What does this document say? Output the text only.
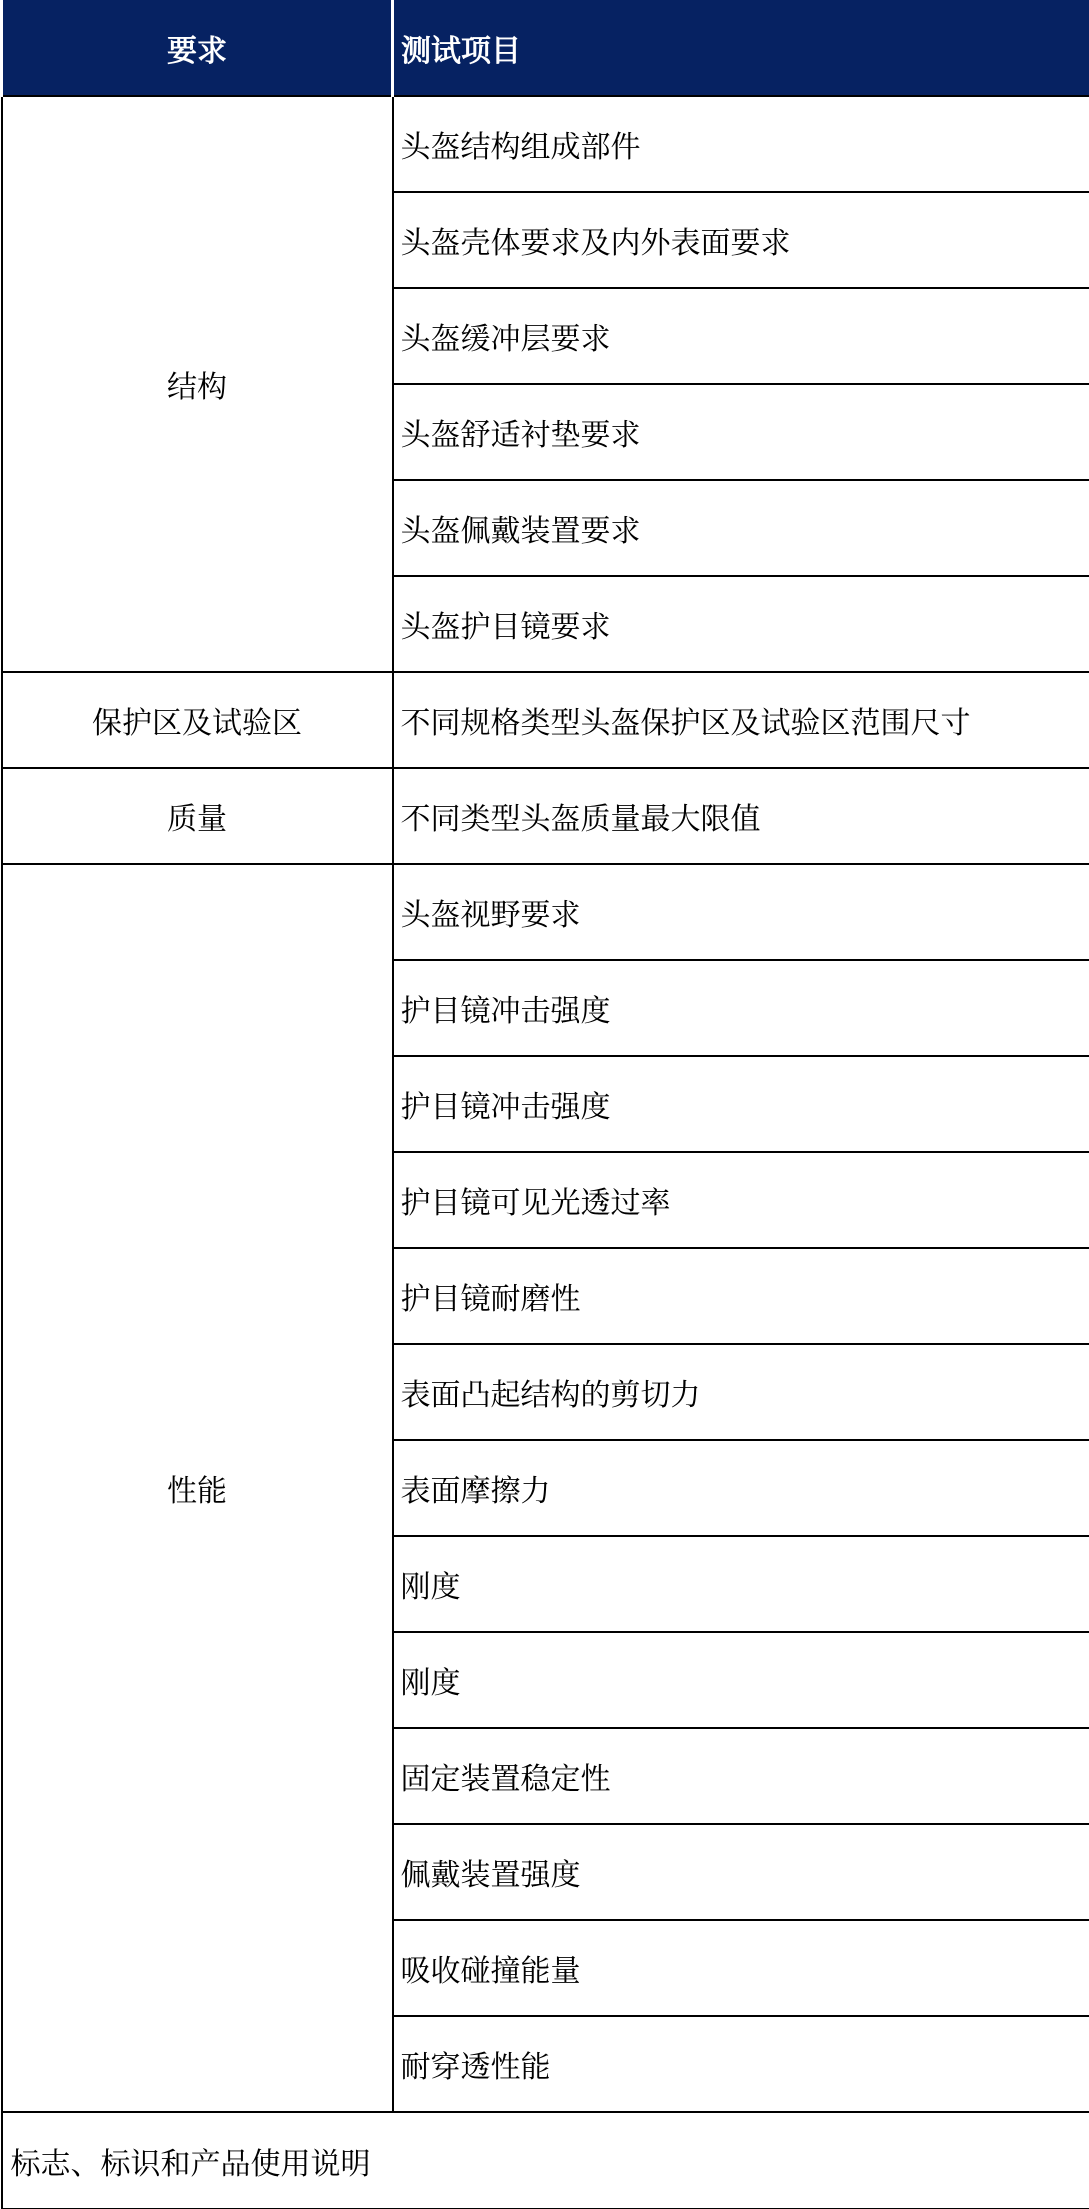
要求	测试项目
结构	头盔结构组成部件
	头盔壳体要求及内外表面要求
	头盔缓冲层要求
	头盔舒适衬垫要求
	头盔佩戴装置要求
	头盔护目镜要求
保护区及试验区	不同规格类型头盔保护区及试验区范围尺寸
质量	不同类型头盔质量最大限值
性能	头盔视野要求
	护目镜冲击强度
	护目镜冲击强度
	护目镜可见光透过率
	护目镜耐磨性
	表面凸起结构的剪切力
	表面摩擦力
	刚度
	刚度
	固定装置稳定性
	佩戴装置强度
	吸收碰撞能量
	耐穿透性能
标志、标识和产品使用说明	
